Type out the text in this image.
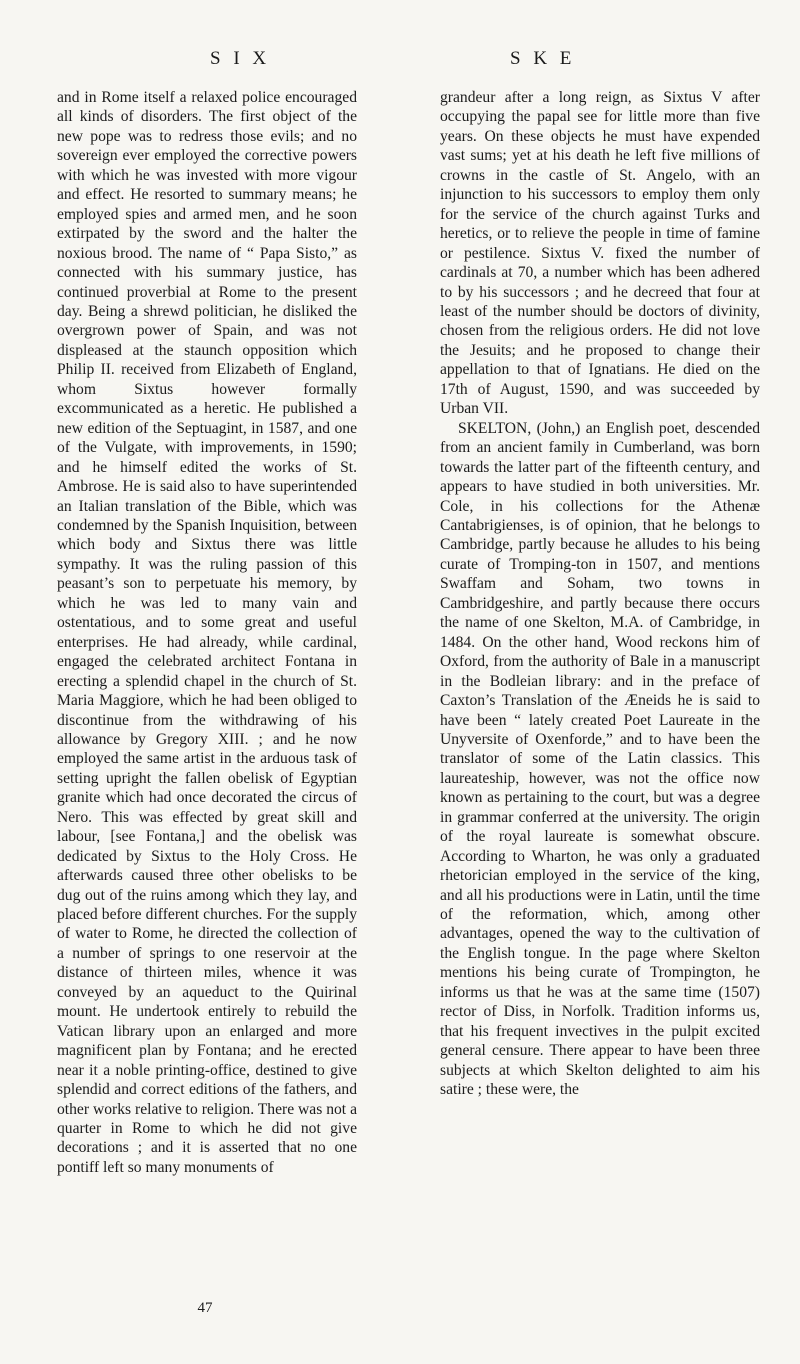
S I X	S K E

and in Rome itself a relaxed police encouraged all kinds of disorders. The first object of the new pope was to redress those evils; and no sovereign ever employed the corrective powers with which he was invested with more vigour and effect. He resorted to summary means; he employed spies and armed men, and he soon extirpated by the sword and the halter the noxious brood. The name of “ Papa Sisto,” as connected with his summary justice, has continued proverbial at Rome to the present day. Being a shrewd politician, he disliked the overgrown power of Spain, and was not displeased at the staunch opposition which Philip II. received from Elizabeth of England, whom Sixtus however formally excommunicated as a heretic. He published a new edition of the Septuagint, in 1587, and one of the Vulgate, with improvements, in 1590; and he himself edited the works of St. Ambrose. He is said also to have superintended an Italian translation of the Bible, which was condemned by the Spanish Inquisition, between which body and Sixtus there was little sympathy. It was the ruling passion of this peasant’s son to perpetuate his memory, by which he was led to many vain and ostentatious, and to some great and useful enterprises. He had already, while cardinal, engaged the celebrated architect Fontana in erecting a splendid chapel in the church of St. Maria Maggiore, which he had been obliged to discontinue from the withdrawing of his allowance by Gregory XIII. ; and he now employed the same artist in the arduous task of setting upright the fallen obelisk of Egyptian granite which had once decorated the circus of Nero. This was effected by great skill and labour, [see Fontana,] and the obelisk was dedicated by Sixtus to the Holy Cross. He afterwards caused three other obelisks to be dug out of the ruins among which they lay, and placed before different churches. For the supply of water to Rome, he directed the collection of a number of springs to one reservoir at the distance of thirteen miles, whence it was conveyed by an aqueduct to the Quirinal mount. He undertook entirely to rebuild the Vatican library upon an enlarged and more magnificent plan by Fontana; and he erected near it a noble printing-office, destined to give splendid and correct editions of the fathers, and other works relative to religion. There was not a quarter in Rome to which he did not give decorations ; and it is asserted that no one pontiff left so many monuments of

grandeur after a long reign, as Sixtus V after occupying the papal see for little more than five years. On these objects he must have expended vast sums; yet at his death he left five millions of crowns in the castle of St. Angelo, with an injunction to his successors to employ them only for the service of the church against Turks and heretics, or to relieve the people in time of famine or pestilence. Sixtus V. fixed the number of cardinals at 70, a number which has been adhered to by his successors ; and he decreed that four at least of the number should be doctors of divinity, chosen from the religious orders. He did not love the Jesuits; and he proposed to change their appellation to that of Ignatians. He died on the 17th of August, 1590, and was succeeded by Urban VII.

SKELTON, (John,) an English poet, descended from an ancient family in Cumberland, was born towards the latter part of the fifteenth century, and appears to have studied in both universities. Mr. Cole, in his collections for the Athenæ Cantabrigienses, is of opinion, that he belongs to Cambridge, partly because he alludes to his being curate of Tromping-ton in 1507, and mentions Swaffam and Soham, two towns in Cambridgeshire, and partly because there occurs the name of one Skelton, M.A. of Cambridge, in 1484. On the other hand, Wood reckons him of Oxford, from the authority of Bale in a manuscript in the Bodleian library: and in the preface of Caxton’s Translation of the Æneids he is said to have been “ lately created Poet Laureate in the Unyversite of Oxenforde,” and to have been the translator of some of the Latin classics. This laureateship, however, was not the office now known as pertaining to the court, but was a degree in grammar conferred at the university. The origin of the royal laureate is somewhat obscure. According to Wharton, he was only a graduated rhetorician employed in the service of the king, and all his productions were in Latin, until the time of the reformation, which, among other advantages, opened the way to the cultivation of the English tongue. In the page where Skelton mentions his being curate of Trompington, he informs us that he was at the same time (1507) rector of Diss, in Norfolk. Tradition informs us, that his frequent invectives in the pulpit excited general censure. There appear to have been three subjects at which Skelton delighted to aim his satire ; these were, the

47
